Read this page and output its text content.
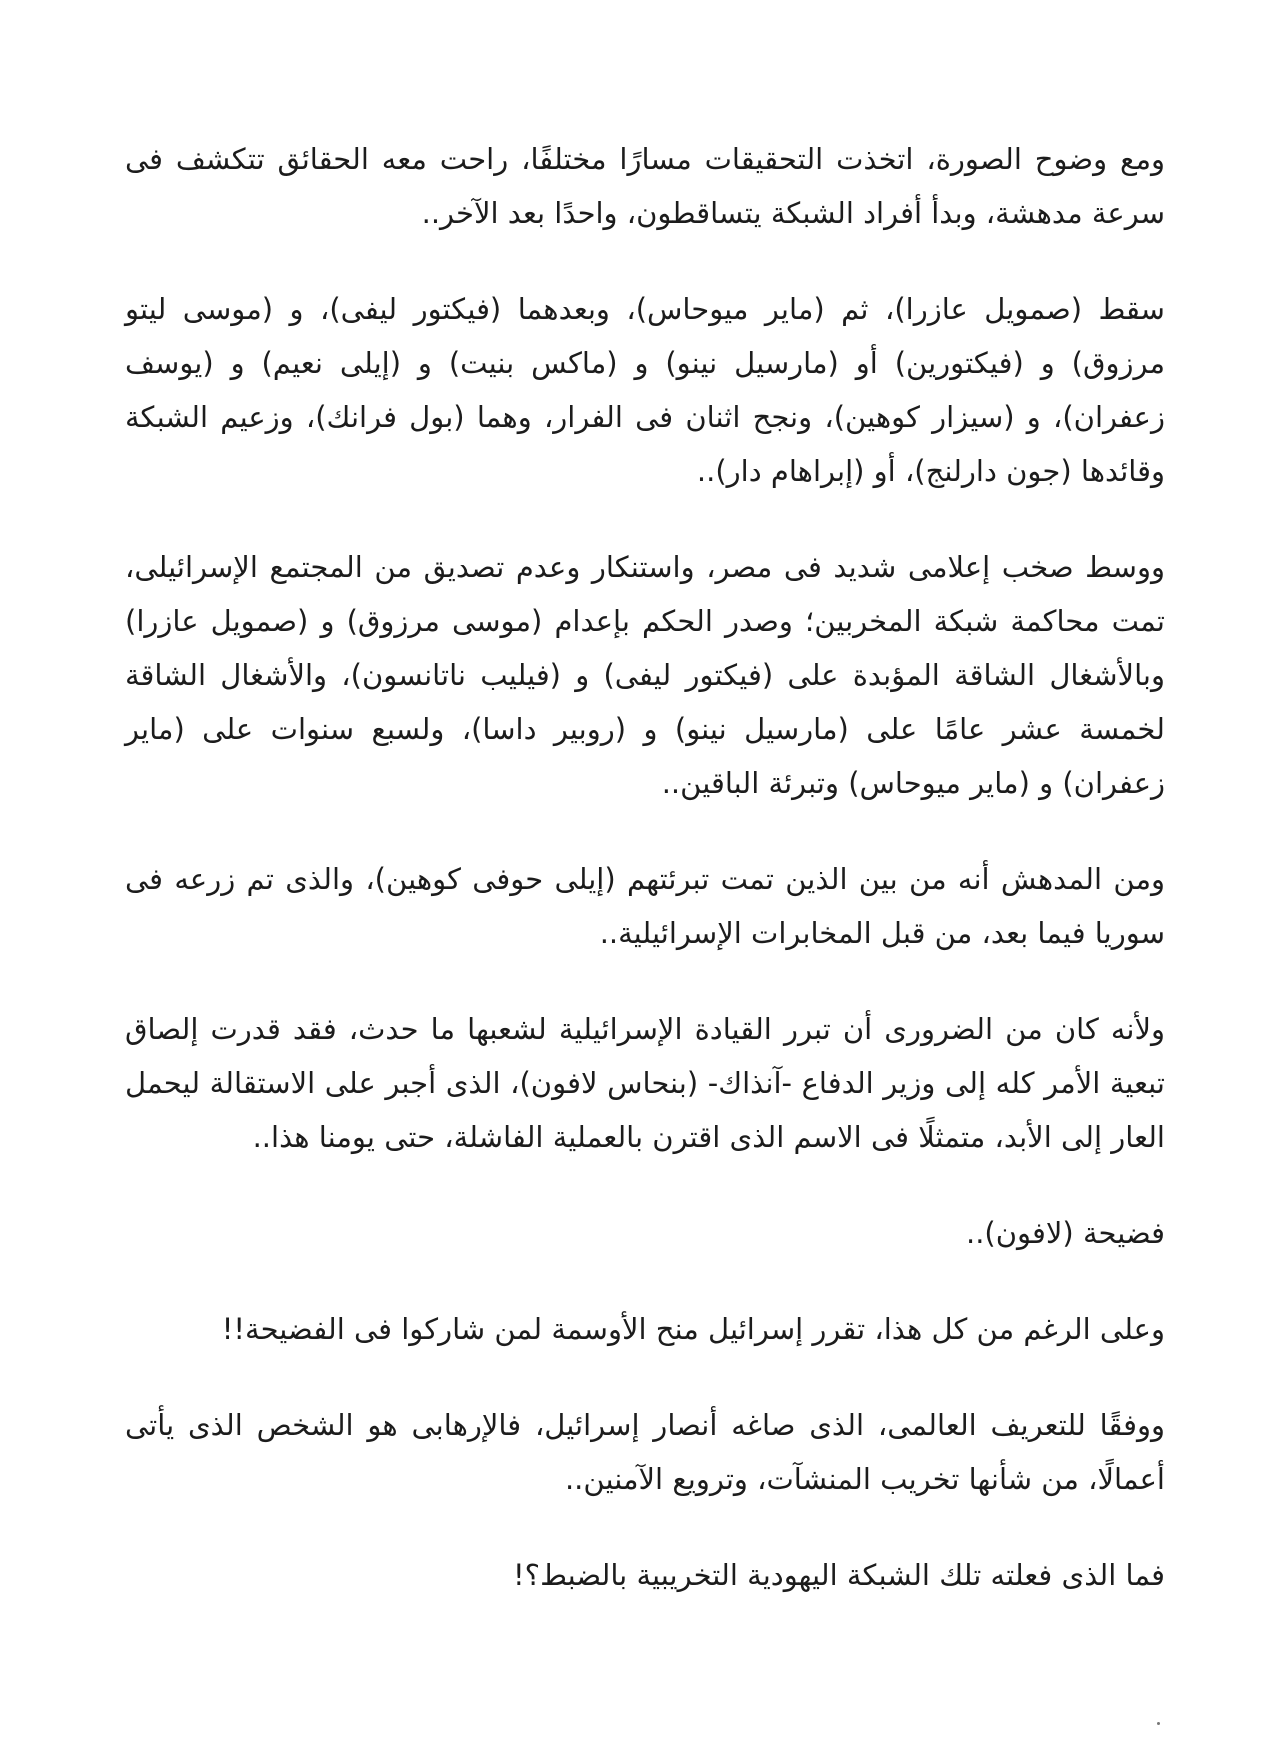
ومع وضوح الصورة، اتخذت التحقيقات مسارًا مختلفًا، راحت معه الحقائق تتكشف فى سرعة مدهشة، وبدأ أفراد الشبكة يتساقطون، واحدًا بعد الآخر..

سقط (صمويل عازرا)، ثم (ماير ميوحاس)، وبعدهما (فيكتور ليفى)، و (موسى ليتو مرزوق) و (فيكتورين) أو (مارسيل نينو) و (ماكس بنيت) و (إيلى نعيم) و (يوسف زعفران)، و (سيزار كوهين)، ونجح اثنان فى الفرار، وهما (بول فرانك)، وزعيم الشبكة وقائدها (جون دارلنج)، أو (إبراهام دار)..

ووسط صخب إعلامى شديد فى مصر، واستنكار وعدم تصديق من المجتمع الإسرائيلى، تمت محاكمة شبكة المخربين؛ وصدر الحكم بإعدام (موسى مرزوق) و (صمويل عازرا) وبالأشغال الشاقة المؤبدة على (فيكتور ليفى) و (فيليب ناتانسون)، والأشغال الشاقة لخمسة عشر عامًا على (مارسيل نينو) و (روبير داسا)، ولسبع سنوات على (ماير زعفران) و (ماير ميوحاس) وتبرئة الباقين..

ومن المدهش أنه من بين الذين تمت تبرئتهم (إيلى حوفى كوهين)، والذى تم زرعه فى سوريا فيما بعد، من قبل المخابرات الإسرائيلية..

ولأنه كان من الضرورى أن تبرر القيادة الإسرائيلية لشعبها ما حدث، فقد قدرت إلصاق تبعية الأمر كله إلى وزير الدفاع -آنذاك- (بنحاس لافون)، الذى أجبر على الاستقالة ليحمل العار إلى الأبد، متمثلًا فى الاسم الذى اقترن بالعملية الفاشلة، حتى يومنا هذا..

فضيحة (لافون)..

وعلى الرغم من كل هذا، تقرر إسرائيل منح الأوسمة لمن شاركوا فى الفضيحة!!

ووفقًا للتعريف العالمى، الذى صاغه أنصار إسرائيل، فالإرهابى هو الشخص الذى يأتى أعمالًا، من شأنها تخريب المنشآت، وترويع الآمنين..

فما الذى فعلته تلك الشبكة اليهودية التخريبية بالضبط؟!
